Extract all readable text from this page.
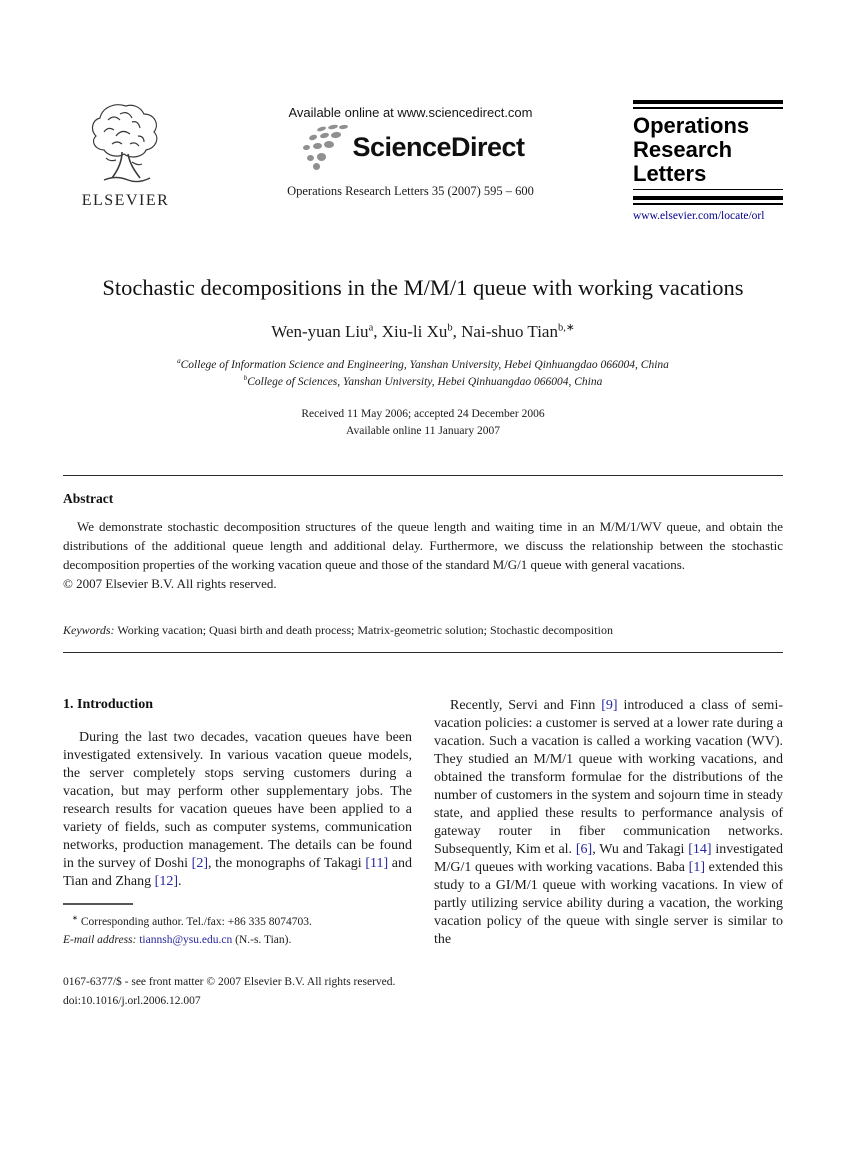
ELSEVIER
Available online at www.sciencedirect.com
ScienceDirect
Operations Research Letters 35 (2007) 595 – 600
Operations
Research
Letters
www.elsevier.com/locate/orl
Stochastic decompositions in the M/M/1 queue with working vacations
Wen-yuan Liu$^a$, Xiu-li Xu$^b$, Nai-shuo Tian$^{b,∗}$
$^a$College of Information Science and Engineering, Yanshan University, Hebei Qinhuangdao 066004, China
$^b$College of Sciences, Yanshan University, Hebei Qinhuangdao 066004, China
Received 11 May 2006; accepted 24 December 2006
Available online 11 January 2007
Abstract

We demonstrate stochastic decomposition structures of the queue length and waiting time in an M/M/1/WV queue, and obtain the distributions of the additional queue length and additional delay. Furthermore, we discuss the relationship between the stochastic decomposition properties of the working vacation queue and those of the standard M/G/1 queue with general vacations.

© 2007 Elsevier B.V. All rights reserved.

Keywords: Working vacation; Quasi birth and death process; Matrix-geometric solution; Stochastic decomposition

1. Introduction

During the last two decades, vacation queues have been investigated extensively. In various vacation queue models, the server completely stops serving customers during a vacation, but may perform other supplementary jobs. The research results for vacation queues have been applied to a variety of fields, such as computer systems, communication networks, production management. The details can be found in the survey of Doshi [2], the monographs of Takagi [11] and Tian and Zhang [12].

∗ Corresponding author. Tel./fax: +86 335 8074703.

E-mail address: tiannsh@ysu.edu.cn (N.-s. Tian).

0167-6377/$ - see front matter © 2007 Elsevier B.V. All rights reserved.
doi:10.1016/j.orl.2006.12.007

Recently, Servi and Finn [9] introduced a class of semi-vacation policies: a customer is served at a lower rate during a vacation. Such a vacation is called a working vacation (WV). They studied an M/M/1 queue with working vacations, and obtained the transform formulae for the distributions of the number of customers in the system and sojourn time in steady state, and applied these results to performance analysis of gateway router in fiber communication networks. Subsequently, Kim et al. [6], Wu and Takagi [14] investigated M/G/1 queues with working vacations. Baba [1] extended this study to a GI/M/1 queue with working vacations. In view of partly utilizing service ability during a vacation, the working vacation policy of the queue with single server is similar to the
